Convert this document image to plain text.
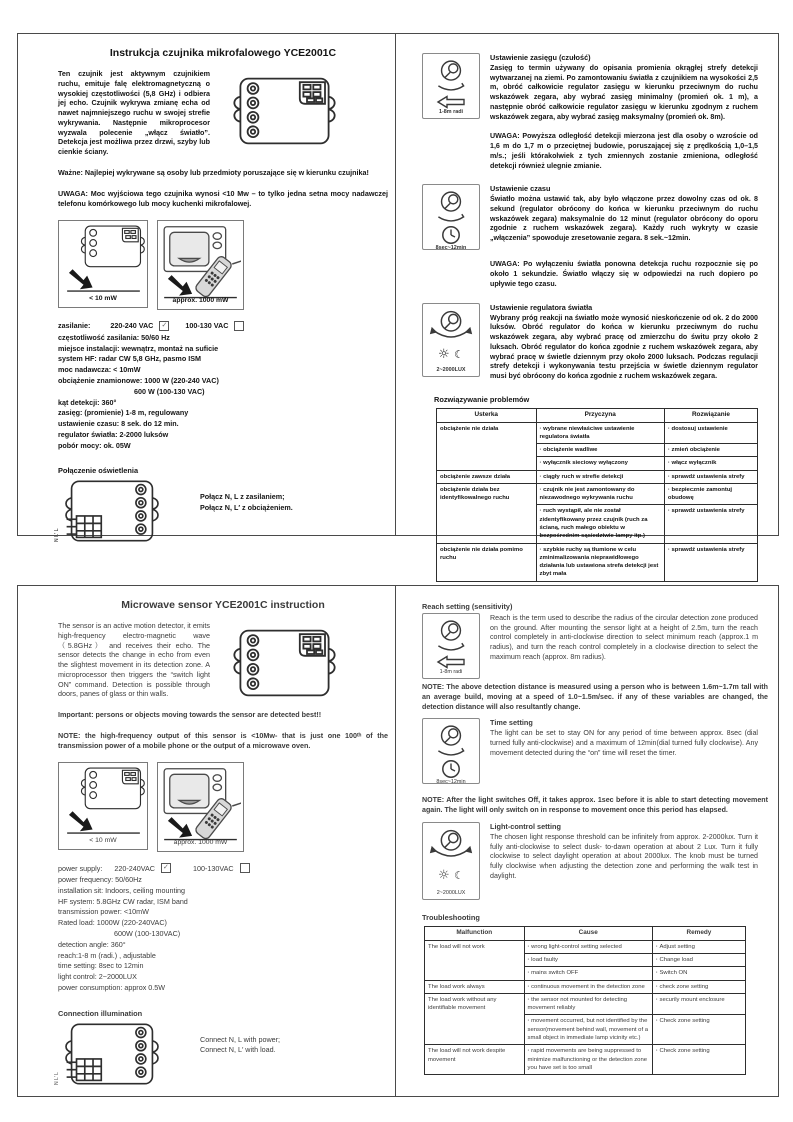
Instrukcja czujnika mikrofalowego YCE2001C
Ten czujnik jest aktywnym czujnikiem ruchu, emituje falę elektromagnetyczną o wysokiej częstotliwości (5,8 GHz) i odbiera jej echo. Czujnik wykrywa zmianę echa od nawet najmniejszego ruchu w swojej strefie wykrywania. Następnie mikroprocesor wyzwala polecenie „włącz światło”. Detekcja jest możliwa przez drzwi, szyby lub cienkie ściany.
Ważne: Najlepiej wykrywane są osoby lub przedmioty poruszające się w kierunku czujnika!
UWAGA: Moc wyjściowa tego czujnika wynosi <10 Mw – to tylko jedna setna mocy nadawczej telefonu komórkowego lub mocy kuchenki mikrofalowej.
< 10 mW	approx. 1000 mW
zasilanie:	220-240 VAC ✓	100-130 VAC
częstotliwość zasilania: 50/60 Hz
miejsce instalacji: wewnątrz, montaż na suficie
system HF: radar CW 5,8 GHz, pasmo ISM
moc nadawcza: < 10mW
obciążenie znamionowe: 1000 W (220-240 VAC)
600 W (100-130 VAC)
kąt detekcji: 360°
zasięg: (promienie) 1-8 m, regulowany
ustawienie czasu: 8 sek. do 12 min.
regulator światła: 2-2000 luksów
pobór mocy: ok. 05W
Połączenie oświetlenia
N L′ L
Połącz N, L z zasilaniem;
Połącz N, L′ z obciążeniem.
1-8m radi
Ustawienie zasięgu (czułość)

Zasięg to termin używany do opisania promienia okrągłej strefy detekcji wytwarzanej na ziemi. Po zamontowaniu światła z czujnikiem na wysokości 2,5 m, obróć całkowicie regulator zasięgu w kierunku przeciwnym do ruchu wskazówek zegara, aby wybrać zasięg minimalny (promień ok. 1 m), a następnie obróć całkowicie regulator zasięgu w kierunku zgodnym z ruchem wskazówek zegara, aby wybrać zasięg maksymalny (promień ok. 8m).

UWAGA: Powyższa odległość detekcji mierzona jest dla osoby o wzroście od 1,6 m do 1,7 m o przeciętnej budowie, poruszającej się z prędkością 1,0–1,5 m/s.; jeśli którakolwiek z tych zmiennych zostanie zmieniona, odległość detekcji również ulegnie zmianie.
8sec~12min
Ustawienie czasu

Światło można ustawić tak, aby było włączone przez dowolny czas od ok. 8 sekund (regulator obrócony do końca w kierunku przeciwnym do ruchu wskazówek zegara) maksymalnie do 12 minut (regulator obrócony do oporu zgodnie z ruchem wskazówek zegara). Każdy ruch wykryty w czasie „włączenia” spowoduje zresetowanie zegara. 8 sek.~12min.

UWAGA: Po wyłączeniu światła ponowna detekcja ruchu rozpocznie się po około 1 sekundzie. Światło włączy się w odpowiedzi na ruch dopiero po upływie tego czasu.
☼ ☾
2~2000LUX
Ustawienie regulatora światła

Wybrany próg reakcji na światło może wynosić nieskończenie od ok. 2 do 2000 luksów. Obróć regulator do końca w kierunku przeciwnym do ruchu wskazówek zegara, aby wybrać pracę od zmierzchu do świtu przy około 2 luksach. Obróć regulator do końca zgodnie z ruchem wskazówek zegara, aby wybrać pracę w świetle dziennym przy około 2000 luksach. Podczas regulacji strefy detekcji i wykonywania testu przejścia w świetle dziennym regulator musi być obrócony do końca zgodnie z ruchem wskazówek zegara.

Rozwiązywanie problemów
Usterka	Przyczyna	Rozwiązanie
obciążenie nie działa	· wybrane niewłaściwe ustawienie regulatora światła	· dostosuj ustawienie
	· obciążenie wadliwe	· zmień obciążenie
	· wyłącznik sieciowy wyłączony	· włącz wyłącznik
obciążenie zawsze działa	· ciągły ruch w strefie detekcji	· sprawdź ustawienia strefy
obciążenie działa bez identyfikowalnego ruchu	· czujnik nie jest zamontowany do niezawodnego wykrywania ruchu	· bezpiecznie zamontuj obudowę
	· ruch wystąpił, ale nie został zidentyfikowany przez czujnik (ruch za ścianą, ruch małego obiektu w bezpośrednim sąsiedztwie lampy itp.)	· sprawdź ustawienia strefy
obciążenie nie działa pomimo ruchu	· szybkie ruchy są tłumione w celu zminimalizowania nieprawidłowego działania lub ustawiona strefa detekcji jest zbyt mała	· sprawdź ustawienia strefy
Microwave sensor YCE2001C instruction
The sensor is an active motion detector, it emits high-frequency electro-magnetic wave （5.8GHz） and receives their echo. The sensor detects the change in echo from even the slightest movement in its detection zone. A microprocessor then triggers the “switch light ON” command. Detection is possible through doors, panes of glass or thin walls.
Important: persons or objects moving towards the sensor are detected best!!
NOTE: the high-frequency output of this sensor is <10Mw- that is just one 100ᵗʰ of the transmission power of a mobile phone or the output of a microwave oven.
< 10 mW	approx. 1000 mW
power supply: 220-240VAC ✓	100-130VAC
power frequency: 50/60Hz
installation sit: Indoors, ceiling mounting
HF system: 5.8GHz CW radar, ISM band
transmission power: <10mW
Rated load: 1000W (220-240VAC)
600W (100-130VAC)
detection angle: 360°
reach:1-8 m (radi.) , adjustable
time setting: 8sec to 12min
light control: 2~2000LUX
power consumption: approx 0.5W
Connection illumination
N L′ L
Connect N, L with power;
Connect N, L′ with load.
Reach setting (sensitivity)
1-8m radi

Reach is the term used to describe the radius of the circular detection zone produced on the ground. After mounting the sensor light at a height of 2.5m, turn the reach control completely in anti-clockwise direction to select minimum reach (approx.1 m radius), and turn the reach control completely in a clockwise direction to select the maximum reach (approx. 8m radius).

NOTE: The above detection distance is measured using a person who is between 1.6m~1.7m tall with an average build, moving at a speed of 1.0~1.5m/sec. if any of these variables are changed, the detection distance will also resultantly change.
8sec~12min
Time setting

The light can be set to stay ON for any period of time between approx. 8sec (dial turned fully anti-clockwise) and a maximum of 12min(dial turned fully clockwise). Any movement detected during the “on” time will reset the timer.

NOTE: After the light switches Off, it takes approx. 1sec before it is able to start detecting movement again. The light will only switch on in response to movement once this period has elapsed.
☼ ☾
2~2000LUX
Light-control setting

The chosen light response threshold can be infinitely from approx. 2-2000lux. Turn it fully anti-clockwise to select dusk- to-dawn operation at about 2 Lux. Turn it fully clockwise to select daylight operation at about 2000lux. The knob must be turned fully clockwise when adjusting the detection zone and performing the walk test in daylight.

Troubleshooting
Malfunction	Cause	Remedy
The load will not work	· wrong light-control setting selected	· Adjust setting
	· load faulty	· Change load
	· mains switch OFF	· Switch ON
The load work always	· continuous movement in the detection zone	· check zone setting
The load work without any identifiable movement	· the sensor not mounted for detecting movement reliably	· securily mount enclosure
	· movement occurred, but not identified by the sensor(movement behind wall, movement of a small object in immediate lamp vicinity etc.)	· Check zone setting
The load will not work despite movement	· rapid movements are being suppressed to minimize malfunctioning or the detection zone you have set is too small	· Check zone setting
